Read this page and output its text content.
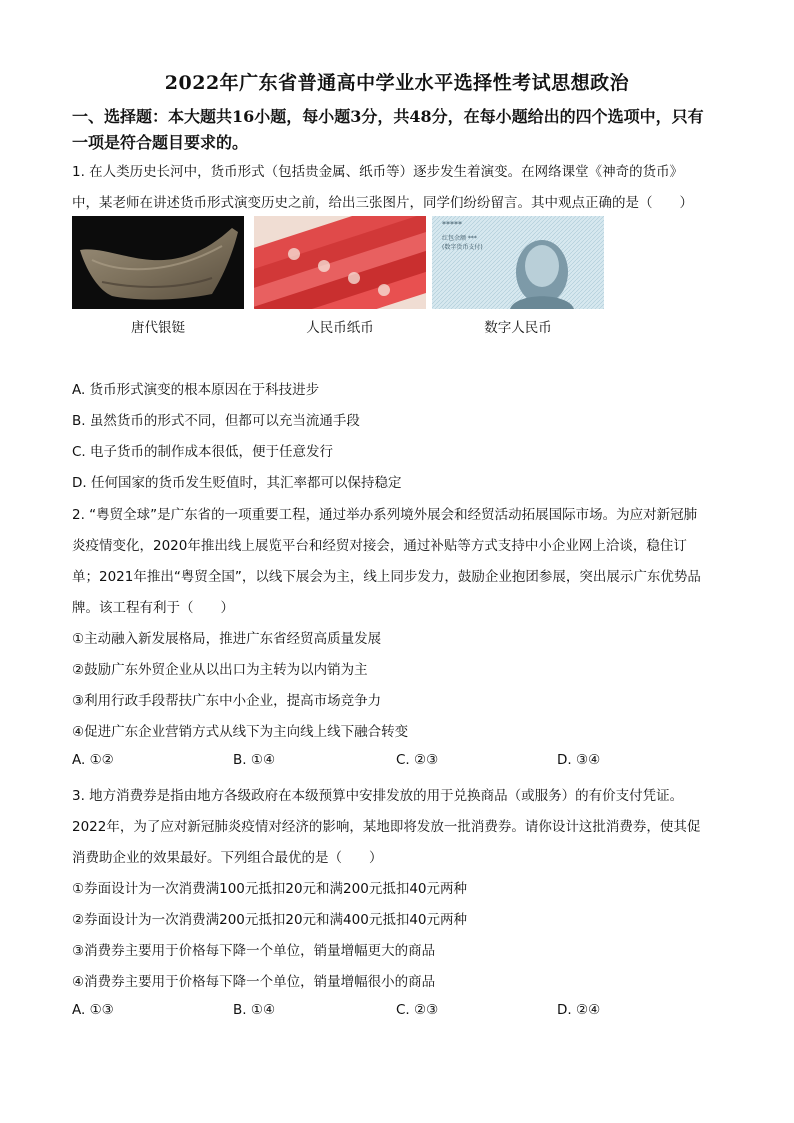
2022年广东省普通高中学业水平选择性考试思想政治
一、选择题：本大题共16小题，每小题3分，共48分，在每小题给出的四个选项中，只有
一项是符合题目要求的。
1. 在人类历史长河中，货币形式（包括贵金属、纸币等）逐步发生着演变。在网络课堂《神奇的货币》
中，某老师在讲述货币形式演变历史之前，给出三张图片，同学们纷纷留言。其中观点正确的是（　　）
*****
红包余额 ***
(数字货币支付)
唐代银铤	人民币纸币	数字人民币
A. 货币形式演变的根本原因在于科技进步
B. 虽然货币的形式不同，但都可以充当流通手段
C. 电子货币的制作成本很低，便于任意发行
D. 任何国家的货币发生贬值时，其汇率都可以保持稳定
2. “粤贸全球”是广东省的一项重要工程，通过举办系列境外展会和经贸活动拓展国际市场。为应对新冠肺
炎疫情变化，2020年推出线上展览平台和经贸对接会，通过补贴等方式支持中小企业网上洽谈，稳住订
单；2021年推出“粤贸全国”，以线下展会为主，线上同步发力，鼓励企业抱团参展，突出展示广东优势品
牌。该工程有利于（　　）
①主动融入新发展格局，推进广东省经贸高质量发展
②鼓励广东外贸企业从以出口为主转为以内销为主
③利用行政手段帮扶广东中小企业，提高市场竞争力
④促进广东企业营销方式从线下为主向线上线下融合转变
A. ①②	B. ①④	C. ②③	D. ③④
3. 地方消费券是指由地方各级政府在本级预算中安排发放的用于兑换商品（或服务）的有价支付凭证。
2022年，为了应对新冠肺炎疫情对经济的影响，某地即将发放一批消费券。请你设计这批消费券，使其促
消费助企业的效果最好。下列组合最优的是（　　）
①券面设计为一次消费满100元抵扣20元和满200元抵扣40元两种
②券面设计为一次消费满200元抵扣20元和满400元抵扣40元两种
③消费券主要用于价格每下降一个单位，销量增幅更大的商品
④消费券主要用于价格每下降一个单位，销量增幅很小的商品
A. ①③	B. ①④	C. ②③	D. ②④
